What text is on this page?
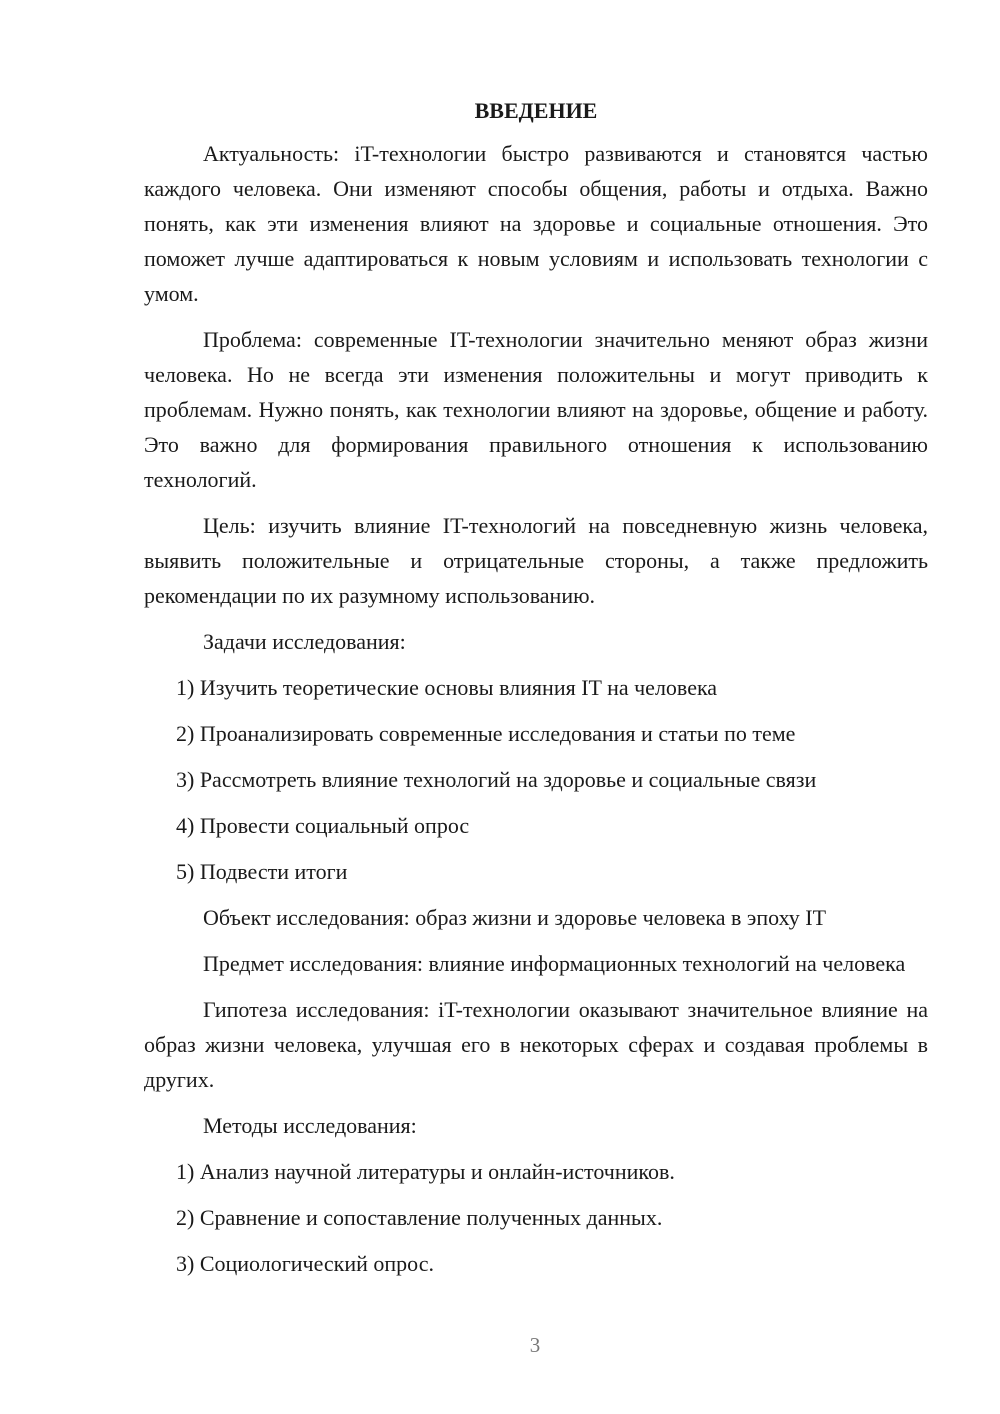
ВВЕДЕНИЕ

Актуальность: iT-технологии быстро развиваются и становятся частью каждого человека. Они изменяют способы общения, работы и отдыха. Важно понять, как эти изменения влияют на здоровье и социальные отношения. Это поможет лучше адаптироваться к новым условиям и использовать технологии с умом.

Проблема: современные IT-технологии значительно меняют образ жизни человека. Но не всегда эти изменения положительны и могут приводить к проблемам. Нужно понять, как технологии влияют на здоровье, общение и работу. Это важно для формирования правильного отношения к использованию технологий.

Цель: изучить влияние IT-технологий на повседневную жизнь человека, выявить положительные и отрицательные стороны, а также предложить рекомендации по их разумному использованию.

Задачи исследования:

1) Изучить теоретические основы влияния IT на человека

2) Проанализировать современные исследования и статьи по теме

3) Рассмотреть влияние технологий на здоровье и социальные связи

4) Провести социальный опрос

5) Подвести итоги

Объект исследования: образ жизни и здоровье человека в эпоху IT

Предмет исследования: влияние информационных технологий на человека

Гипотеза исследования: iT-технологии оказывают значительное влияние на образ жизни человека, улучшая его в некоторых сферах и создавая проблемы в других.

Методы исследования:

1) Анализ научной литературы и онлайн-источников.

2) Сравнение и сопоставление полученных данных.

3) Социологический опрос.

3
